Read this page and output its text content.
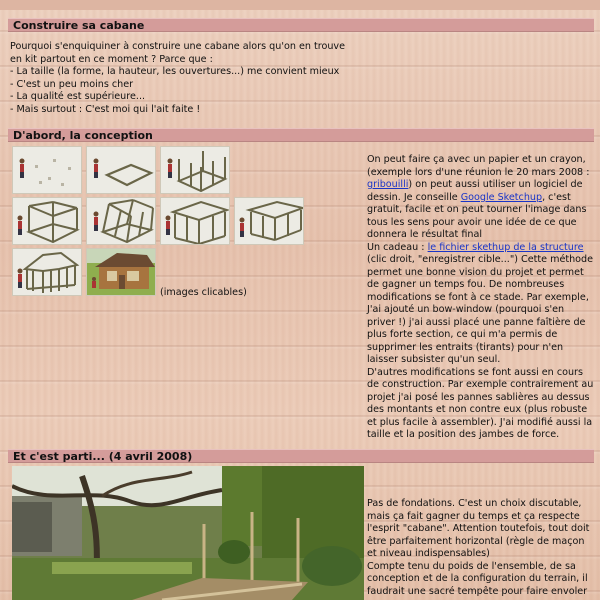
Construire sa cabane
Pourquoi s'enquiquiner à construire une cabane alors qu'on en trouve
en kit partout en ce moment ? Parce que :
- La taille (la forme, la hauteur, les ouvertures...) me convient mieux
- C'est un peu moins cher
- La qualité est supérieure...
- Mais surtout : C'est moi qui l'ait faite !
D'abord, la conception
(images clicables)
On peut faire ça avec un papier et un crayon,
(exemple lors d'une réunion le 20 mars 2008 :
gribouilli) on peut aussi utiliser un logiciel de
dessin. Je conseille Google Sketchup, c'est
gratuit, facile et on peut tourner l'image dans
tous les sens pour avoir une idée de ce que
donnera le résultat final
Un cadeau : le fichier skethup de la structure
(clic droit, "enregistrer cible...") Cette méthode
permet une bonne vision du projet et permet
de gagner un temps fou. De nombreuses
modifications se font à ce stade. Par exemple,
J'ai ajouté un bow-window (pourquoi s'en
priver !) j'ai aussi placé une panne faîtière de
plus forte section, ce qui m'a permis de
supprimer les entraits (tirants) pour n'en
laisser subsister qu'un seul.
D'autres modifications se font aussi en cours
de construction. Par exemple contrairement au
projet j'ai posé les pannes sablières au dessus
des montants et non contre eux (plus robuste
et plus facile à assembler). J'ai modifié aussi la
taille et la position des jambes de force.
Et c'est parti... (4 avril 2008)
Pas de fondations. C'est un choix discutable,
mais ça fait gagner du temps et ça respecte
l'esprit "cabane". Attention toutefois, tout doit
être parfaitement horizontal (règle de maçon
et niveau indispensables)
Compte tenu du poids de l'ensemble, de sa
conception et de la configuration du terrain, il
faudrait une sacré tempête pour faire envoler
